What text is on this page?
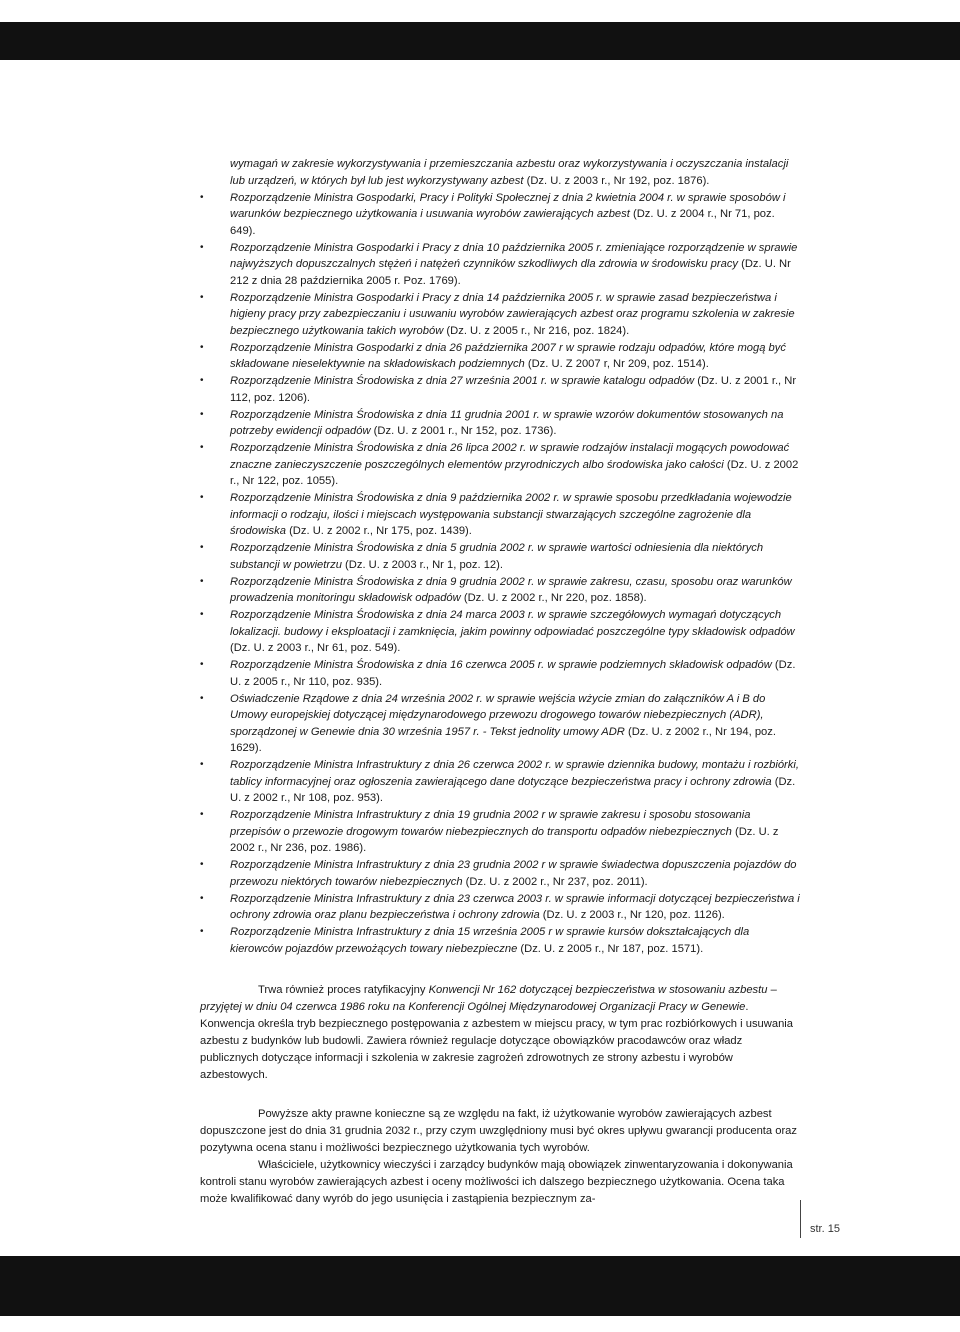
wymagań w zakresie wykorzystywania i przemieszczania azbestu oraz wykorzystywania i oczyszczania instalacji lub urządzeń, w których był lub jest wykorzystywany azbest (Dz. U. z 2003 r., Nr 192, poz. 1876).
• Rozporządzenie Ministra Gospodarki, Pracy i Polityki Społecznej z dnia 2 kwietnia 2004 r. w sprawie sposobów i warunków bezpiecznego użytkowania i usuwania wyrobów zawierających azbest (Dz. U. z 2004 r., Nr 71, poz. 649).
• Rozporządzenie Ministra Gospodarki i Pracy z dnia 10 października 2005 r. zmieniające rozporządzenie w sprawie najwyższych dopuszczalnych stężeń i natężeń czynników szkodliwych dla zdrowia w środowisku pracy (Dz. U. Nr 212 z dnia 28 października 2005 r. Poz. 1769).
• Rozporządzenie Ministra Gospodarki i Pracy z dnia 14 października 2005 r. w sprawie zasad bezpieczeństwa i higieny pracy przy zabezpieczaniu i usuwaniu wyrobów zawierających azbest oraz programu szkolenia w zakresie bezpiecznego użytkowania takich wyrobów (Dz. U. z 2005 r., Nr 216, poz. 1824).
• Rozporządzenie Ministra Gospodarki z dnia 26 października 2007 r w sprawie rodzaju odpadów, które mogą być składowane nieselektywnie na składowiskach podziemnych (Dz. U. Z 2007 r, Nr 209, poz. 1514).
• Rozporządzenie Ministra Środowiska z dnia 27 września 2001 r. w sprawie katalogu odpadów (Dz. U. z 2001 r., Nr 112, poz. 1206).
• Rozporządzenie Ministra Środowiska z dnia 11 grudnia 2001 r. w sprawie wzorów dokumentów stosowanych na potrzeby ewidencji odpadów (Dz. U. z 2001 r., Nr 152, poz. 1736).
• Rozporządzenie Ministra Środowiska z dnia 26 lipca 2002 r. w sprawie rodzajów instalacji mogących powodować znaczne zanieczyszczenie poszczególnych elementów przyrodniczych albo środowiska jako całości (Dz. U. z 2002 r., Nr 122, poz. 1055).
• Rozporządzenie Ministra Środowiska z dnia 9 października 2002 r. w sprawie sposobu przedkładania wojewodzie informacji o rodzaju, ilości i miejscach występowania substancji stwarzających szczególne zagrożenie dla środowiska (Dz. U. z 2002 r., Nr 175, poz. 1439).
• Rozporządzenie Ministra Środowiska z dnia 5 grudnia 2002 r. w sprawie wartości odniesienia dla niektórych substancji w powietrzu (Dz. U. z 2003 r., Nr 1, poz. 12).
• Rozporządzenie Ministra Środowiska z dnia 9 grudnia 2002 r. w sprawie zakresu, czasu, sposobu oraz warunków prowadzenia monitoringu składowisk odpadów (Dz. U. z 2002 r., Nr 220, poz. 1858).
• Rozporządzenie Ministra Środowiska z dnia 24 marca 2003 r. w sprawie szczegółowych wymagań dotyczących lokalizacji. budowy i eksploatacji i zamknięcia, jakim powinny odpowiadać poszczególne typy składowisk odpadów (Dz. U. z 2003 r., Nr 61, poz. 549).
• Rozporządzenie Ministra Środowiska z dnia 16 czerwca 2005 r. w sprawie podziemnych składowisk odpadów (Dz. U. z 2005 r., Nr 110, poz. 935).
• Oświadczenie Rządowe z dnia 24 września 2002 r. w sprawie wejścia wżycie zmian do załączników A i B do Umowy europejskiej dotyczącej międzynarodowego przewozu drogowego towarów niebezpiecznych (ADR), sporządzonej w Genewie dnia 30 września 1957 r. - Tekst jednolity umowy ADR (Dz. U. z 2002 r., Nr 194, poz. 1629).
• Rozporządzenie Ministra Infrastruktury z dnia 26 czerwca 2002 r. w sprawie dziennika budowy, montażu i rozbiórki, tablicy informacyjnej oraz ogłoszenia zawierającego dane dotyczące bezpieczeństwa pracy i ochrony zdrowia (Dz. U. z 2002 r., Nr 108, poz. 953).
• Rozporządzenie Ministra Infrastruktury z dnia 19 grudnia 2002 r w sprawie zakresu i sposobu stosowania przepisów o przewozie drogowym towarów niebezpiecznych do transportu odpadów niebezpiecznych (Dz. U. z 2002 r., Nr 236, poz. 1986).
• Rozporządzenie Ministra Infrastruktury z dnia 23 grudnia 2002 r w sprawie świadectwa dopuszczenia pojazdów do przewozu niektórych towarów niebezpiecznych (Dz. U. z 2002 r., Nr 237, poz. 2011).
• Rozporządzenie Ministra Infrastruktury z dnia 23 czerwca 2003 r. w sprawie informacji dotyczącej bezpieczeństwa i ochrony zdrowia oraz planu bezpieczeństwa i ochrony zdrowia (Dz. U. z 2003 r., Nr 120, poz. 1126).
• Rozporządzenie Ministra Infrastruktury z dnia 15 września 2005 r w sprawie kursów dokształcających dla kierowców pojazdów przewożących towary niebezpieczne (Dz. U. z 2005 r., Nr 187, poz. 1571).

Trwa również proces ratyfikacyjny Konwencji Nr 162 dotyczącej bezpieczeństwa w stosowaniu azbestu – przyjętej w dniu 04 czerwca 1986 roku na Konferencji Ogólnej Międzynarodowej Organizacji Pracy w Genewie. Konwencja określa tryb bezpiecznego postępowania z azbestem w miejscu pracy, w tym prac rozbiórkowych i usuwania azbestu z budynków lub budowli. Zawiera również regulacje dotyczące obowiązków pracodawców oraz władz publicznych dotyczące informacji i szkolenia w zakresie zagrożeń zdrowotnych ze strony azbestu i wyrobów azbestowych.

Powyższe akty prawne konieczne są ze względu na fakt, iż użytkowanie wyrobów zawierających azbest dopuszczone jest do dnia 31 grudnia 2032 r., przy czym uwzględniony musi być okres upływu gwarancji producenta oraz pozytywna ocena stanu i możliwości bezpiecznego użytkowania tych wyrobów.

Właściciele, użytkownicy wieczyści i zarządcy budynków mają obowiązek zinwentaryzowania i dokonywania kontroli stanu wyrobów zawierających azbest i oceny możliwości ich dalszego bezpiecznego użytkowania. Ocena taka może kwalifikować dany wyrób do jego usunięcia i zastąpienia bezpiecznym za-

str. 15
